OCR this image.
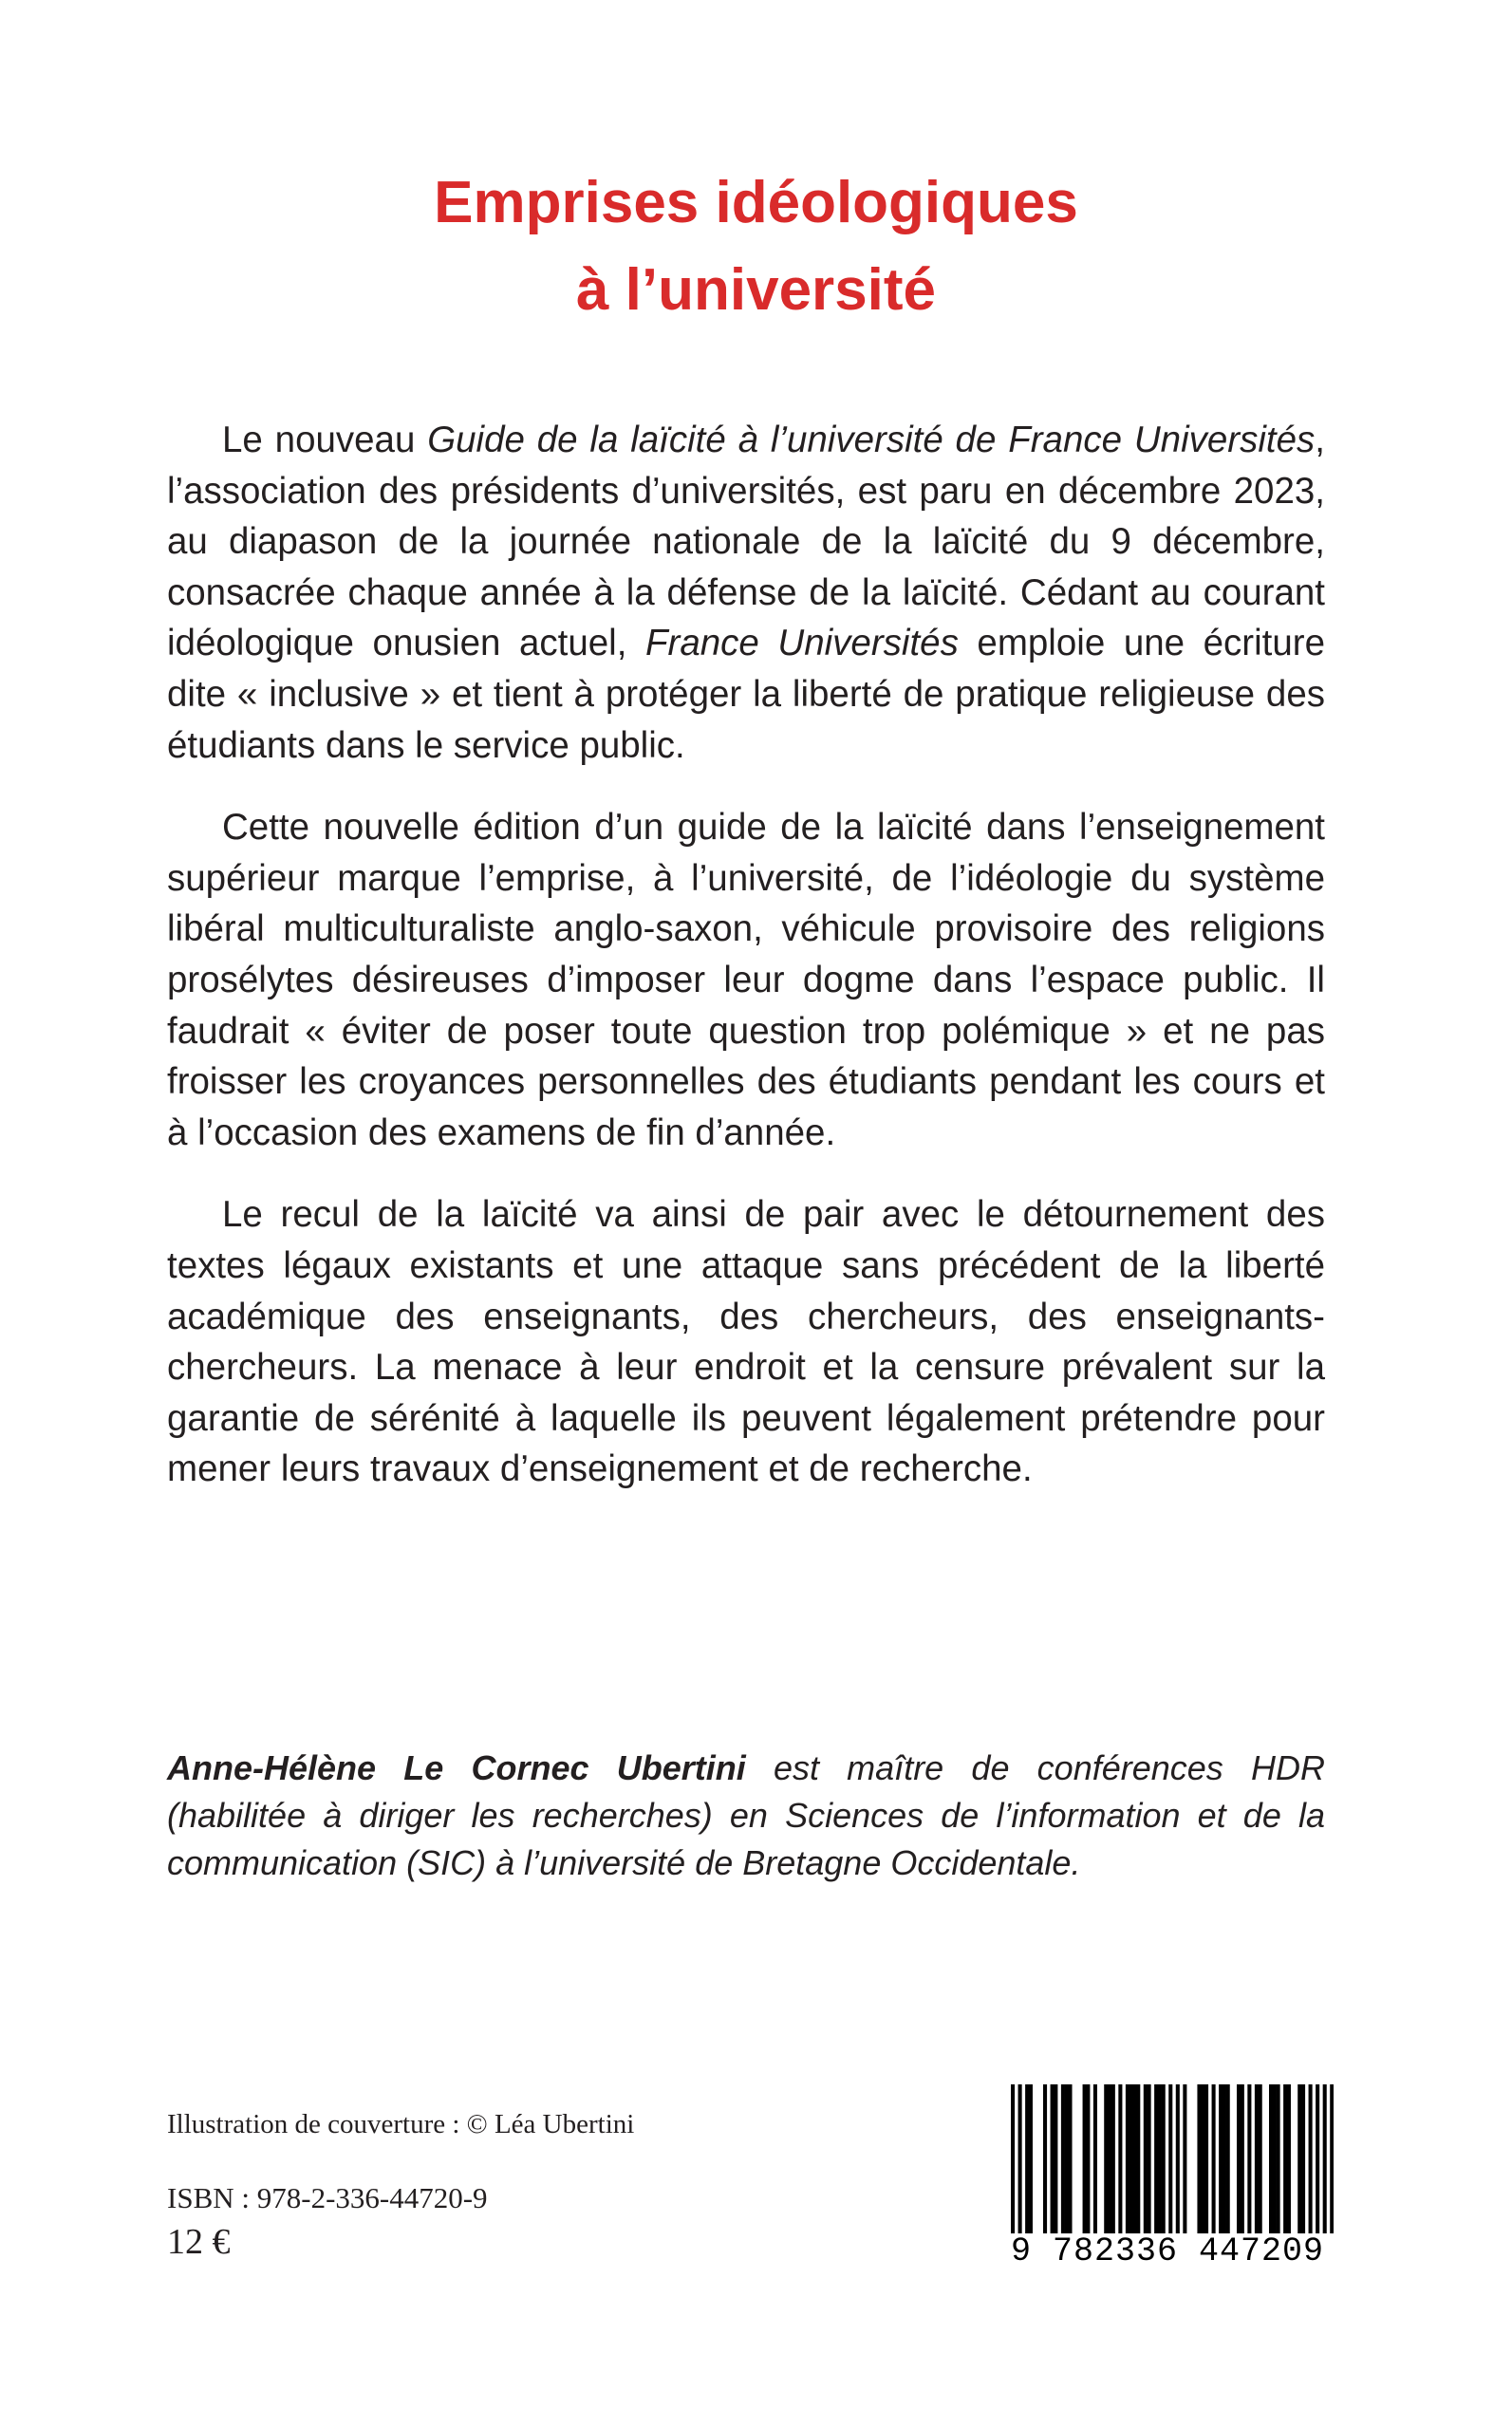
Emprises idéologiques
à l’université

Le nouveau Guide de la laïcité à l’université de France Universités, l’association des présidents d’universités, est paru en décembre 2023, au diapason de la journée nationale de la laïcité du 9 décembre, consacrée chaque année à la défense de la laïcité. Cédant au courant idéologique onusien actuel, France Universités emploie une écriture dite « inclusive » et tient à protéger la liberté de pratique religieuse des étudiants dans le service public.

Cette nouvelle édition d’un guide de la laïcité dans l’enseignement supérieur marque l’emprise, à l’université, de l’idéologie du système libéral multiculturaliste anglo-saxon, véhicule provisoire des religions prosélytes désireuses d’imposer leur dogme dans l’espace public. Il faudrait « éviter de poser toute question trop polémique » et ne pas froisser les croyances personnelles des étudiants pendant les cours et à l’occasion des examens de fin d’année.

Le recul de la laïcité va ainsi de pair avec le détournement des textes légaux existants et une attaque sans précédent de la liberté académique des enseignants, des chercheurs, des enseignants-chercheurs. La menace à leur endroit et la censure prévalent sur la garantie de sérénité à laquelle ils peuvent légalement prétendre pour mener leurs travaux d’enseignement et de recherche.

Anne-Hélène Le Cornec Ubertini est maître de conférences HDR (habilitée à diriger les recherches) en Sciences de l’information et de la communication (SIC) à l’université de Bretagne Occidentale.
Illustration de couverture : © Léa Ubertini
ISBN : 978-2-336-44720-9
12 €	9 782336 447209
